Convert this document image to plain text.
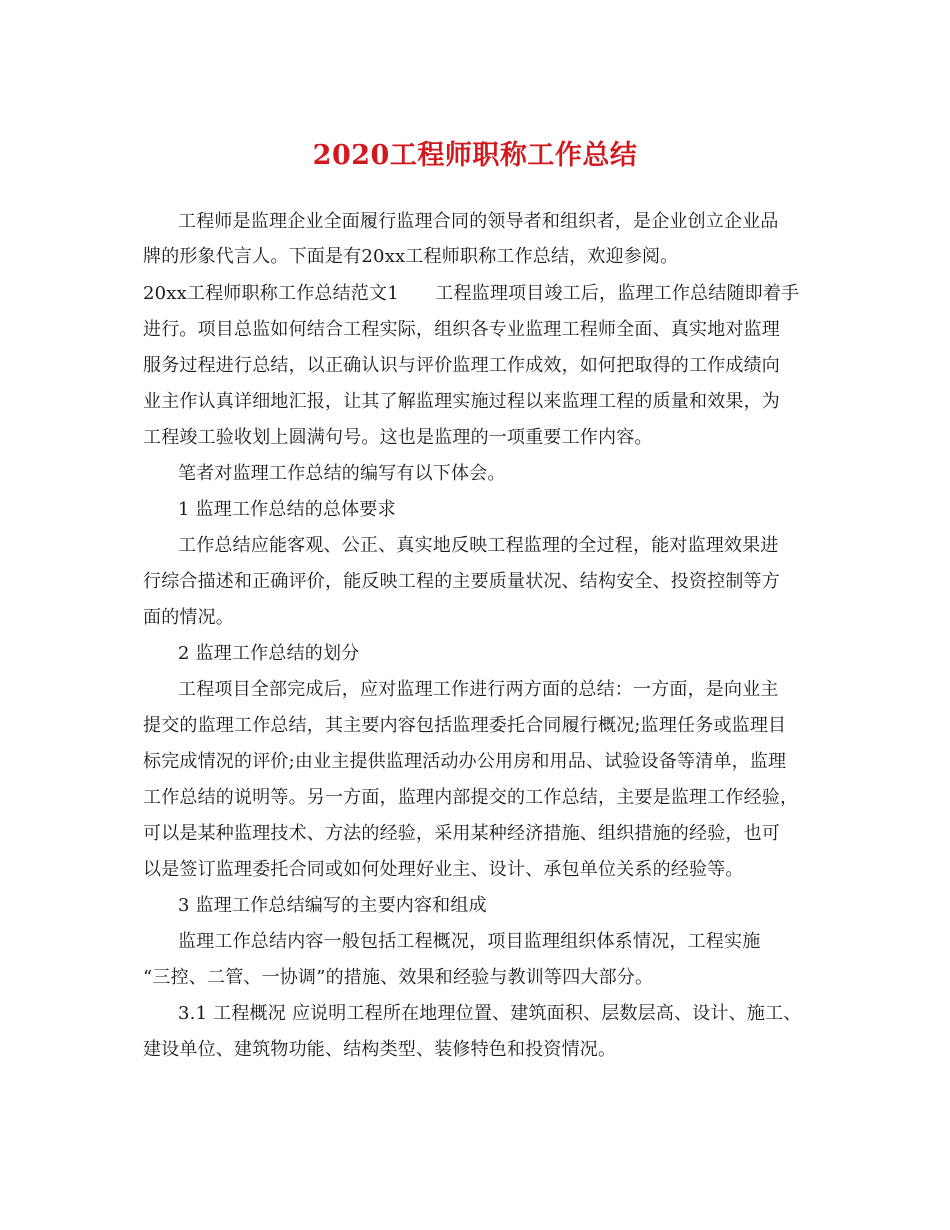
2020工程师职称工作总结
工程师是监理企业全面履行监理合同的领导者和组织者，是企业创立企业品
牌的形象代言人。下面是有20xx工程师职称工作总结，欢迎参阅。
20xx工程师职称工作总结范文1　　工程监理项目竣工后，监理工作总结随即着手
进行。项目总监如何结合工程实际，组织各专业监理工程师全面、真实地对监理
服务过程进行总结，以正确认识与评价监理工作成效，如何把取得的工作成绩向
业主作认真详细地汇报，让其了解监理实施过程以来监理工程的质量和效果，为
工程竣工验收划上圆满句号。这也是监理的一项重要工作内容。
笔者对监理工作总结的编写有以下体会。
1 监理工作总结的总体要求
工作总结应能客观、公正、真实地反映工程监理的全过程，能对监理效果进
行综合描述和正确评价，能反映工程的主要质量状况、结构安全、投资控制等方
面的情况。
2 监理工作总结的划分
工程项目全部完成后，应对监理工作进行两方面的总结：一方面，是向业主
提交的监理工作总结，其主要内容包括监理委托合同履行概况;监理任务或监理目
标完成情况的评价;由业主提供监理活动办公用房和用品、试验设备等清单，监理
工作总结的说明等。另一方面，监理内部提交的工作总结，主要是监理工作经验，
可以是某种监理技术、方法的经验，采用某种经济措施、组织措施的经验，也可
以是签订监理委托合同或如何处理好业主、设计、承包单位关系的经验等。
3 监理工作总结编写的主要内容和组成
监理工作总结内容一般包括工程概况，项目监理组织体系情况，工程实施
“三控、二管、一协调”的措施、效果和经验与教训等四大部分。
3.1 工程概况 应说明工程所在地理位置、建筑面积、层数层高、设计、施工、
建设单位、建筑物功能、结构类型、装修特色和投资情况。
